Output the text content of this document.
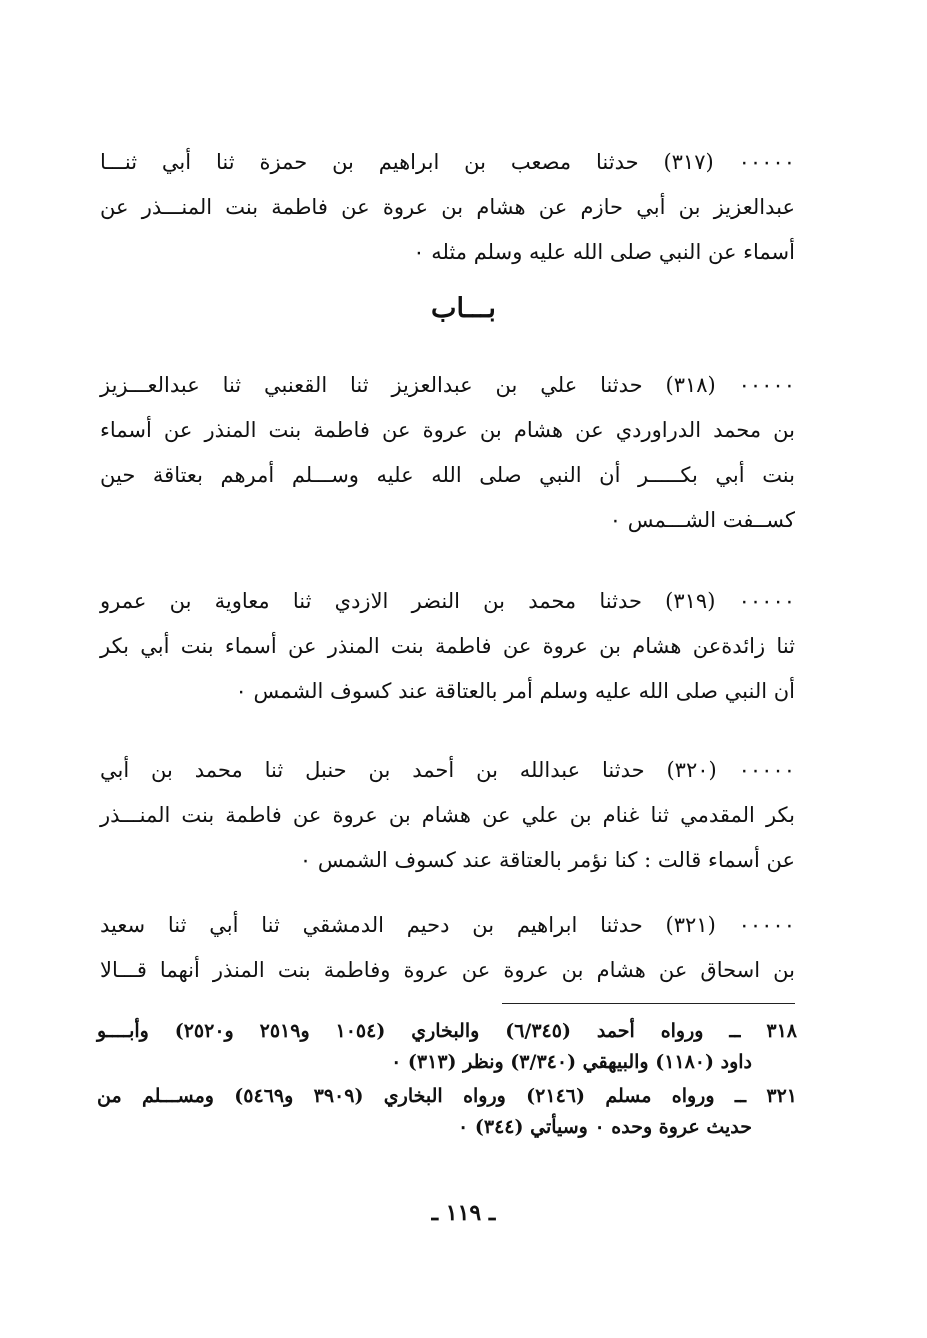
٠٠٠٠٠ (٣١٧) حدثنا مصعب بن ابراهيم بن حمزة ثنا أبي ثنـــا
عبدالعزيز بن أبي حازم عن هشام بن عروة عن فاطمة بنت المنـــذر عن
أسماء عن النبي صلى الله عليه وسلم مثله ٠
بـــاب
٠٠٠٠٠ (٣١٨) حدثنا علي بن عبدالعزيز ثنا القعنبي ثنا عبدالعـــزيز
بن محمد الدراوردي عن هشام بن عروة عن فاطمة بنت المنذر عن أسماء
بنت أبي بكـــــر أن النبي صلى الله عليه وســـلم أمرهم بعتاقة حين
كســفت الشـــمس ٠
٠٠٠٠٠ (٣١٩) حدثنا محمد بن النضر الازدي ثنا معاوية بن عمرو
ثنا زائدةعن هشام بن عروة عن فاطمة بنت المنذر عن أسماء بنت أبي بكر
أن النبي صلى الله عليه وسلم أمر بالعتاقة عند كسوف الشمس ٠
٠٠٠٠٠ (٣٢٠) حدثنا عبدالله بن أحمد بن حنبل ثنا محمد بن أبي
بكر المقدمي ثنا غنام بن علي عن هشام بن عروة عن فاطمة بنت المنـــذر
عن أسماء قالت : كنا نؤمر بالعتاقة عند كسوف الشمس ٠
٠٠٠٠٠ (٣٢١) حدثنا ابراهيم بن دحيم الدمشقي ثنا أبي ثنا سعيد
بن اسحاق عن هشام بن عروة عن عروة وفاطمة بنت المنذر أنهما قـــالا
٣١٨ ــ ورواه أحمد (٦/٣٤٥) والبخاري (١٠٥٤ و٢٥١٩ و٢٥٢٠) وأبــــو
داود (١١٨٠) والبيهقي (٣/٣٤٠) ونظر (٣١٣) ٠
٣٢١ ــ ورواه مسلم (٢١٤٦) ورواه البخاري (٣٩٠٩ و٥٤٦٩) ومســـلم من
حديث عروة وحده ٠ وسيأتي (٣٤٤) ٠
ـ ١١٩ ـ
